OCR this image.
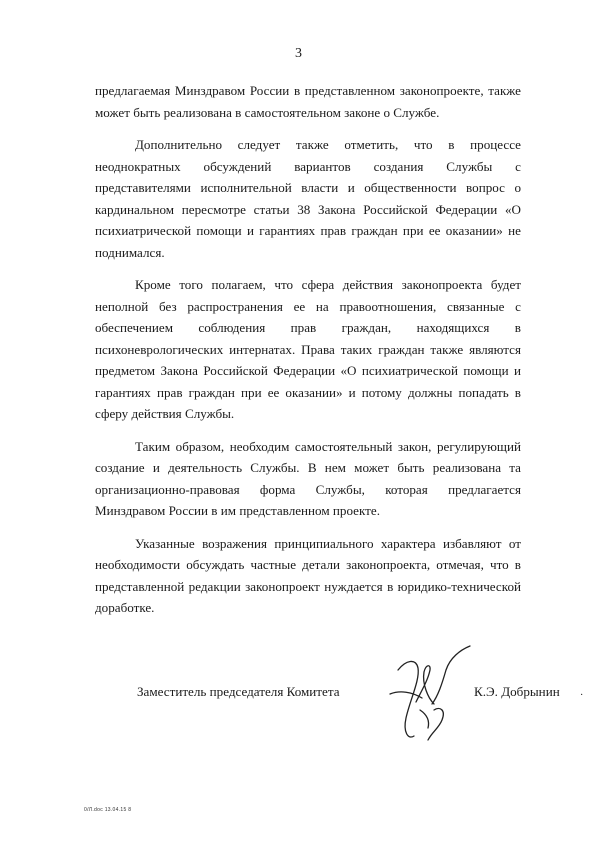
3

предлагаемая Минздравом России в представленном законопроекте, также может быть реализована в самостоятельном законе о Службе.

Дополнительно следует также отметить, что в процессе неоднократных обсуждений вариантов создания Службы с представителями исполнительной власти и общественности вопрос о кардинальном пересмотре статьи 38 Закона Российской Федерации «О психиатрической помощи и гарантиях прав граждан при ее оказании» не поднимался.

Кроме того полагаем, что сфера действия законопроекта будет неполной без распространения ее на правоотношения, связанные с обеспечением соблюдения прав граждан, находящихся в психоневрологических интернатах. Права таких граждан также являются предметом Закона Российской Федерации «О психиатрической помощи и гарантиях прав граждан при ее оказании» и потому должны попадать в сферу действия Службы.

Таким образом, необходим самостоятельный закон, регулирующий создание и деятельность Службы. В нем может быть реализована та организационно-правовая форма Службы, которая предлагается Минздравом России в им представленном проекте.

Указанные возражения принципиального характера избавляют от необходимости обсуждать частные детали законопроекта, отмечая, что в представленной редакции законопроект нуждается в юридико-технической доработке.

Заместитель председателя Комитета	К.Э. Добрынин ·
0/Л.doc 13.04.15 8
